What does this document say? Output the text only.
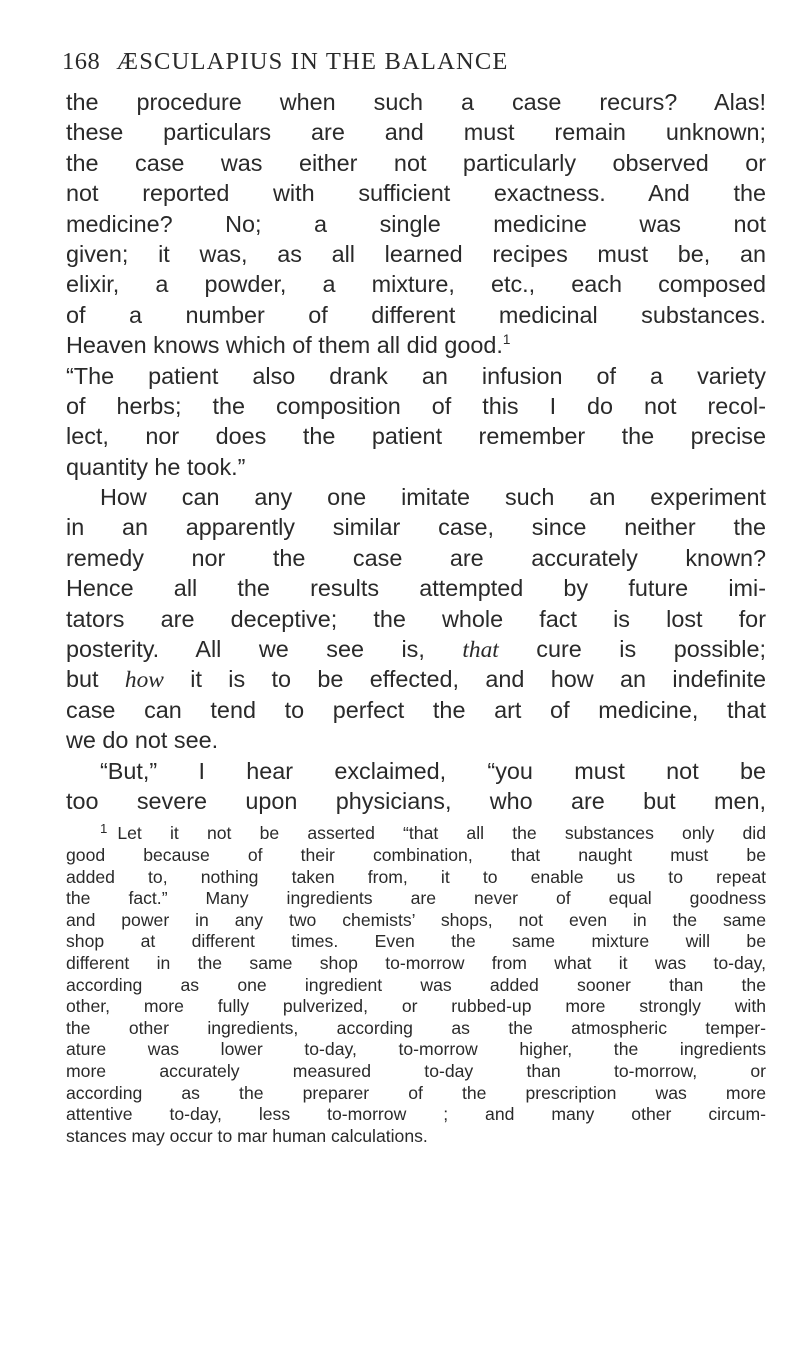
168 ÆSCULAPIUS IN THE BALANCE
the procedure when such a case recurs? Alas!
these particulars are and must remain unknown;
the case was either not particularly observed or
not reported with sufficient exactness. And the
medicine? No; a single medicine was not
given; it was, as all learned recipes must be, an
elixir, a powder, a mixture, etc., each composed
of a number of different medicinal substances.
Heaven knows which of them all did good.$^1$
“The patient also drank an infusion of a variety
of herbs; the composition of this I do not recol-
lect, nor does the patient remember the precise
quantity he took.”
How can any one imitate such an experiment
in an apparently similar case, since neither the
remedy nor the case are accurately known?
Hence all the results attempted by future imi-
tators are deceptive; the whole fact is lost for
posterity. All we see is, that cure is possible;
but how it is to be effected, and how an indefinite
case can tend to perfect the art of medicine, that
we do not see.
“But,” I hear exclaimed, “you must not be
too severe upon physicians, who are but men,
$^1$ Let it not be asserted “that all the substances only did
good because of their combination, that naught must be
added to, nothing taken from, it to enable us to repeat
the fact.” Many ingredients are never of equal goodness
and power in any two chemists’ shops, not even in the same
shop at different times. Even the same mixture will be
different in the same shop to-morrow from what it was to-day,
according as one ingredient was added sooner than the
other, more fully pulverized, or rubbed-up more strongly with
the other ingredients, according as the atmospheric temper-
ature was lower to-day, to-morrow higher, the ingredients
more accurately measured to-day than to-morrow, or
according as the preparer of the prescription was more
attentive to-day, less to-morrow ; and many other circum-
stances may occur to mar human calculations.
